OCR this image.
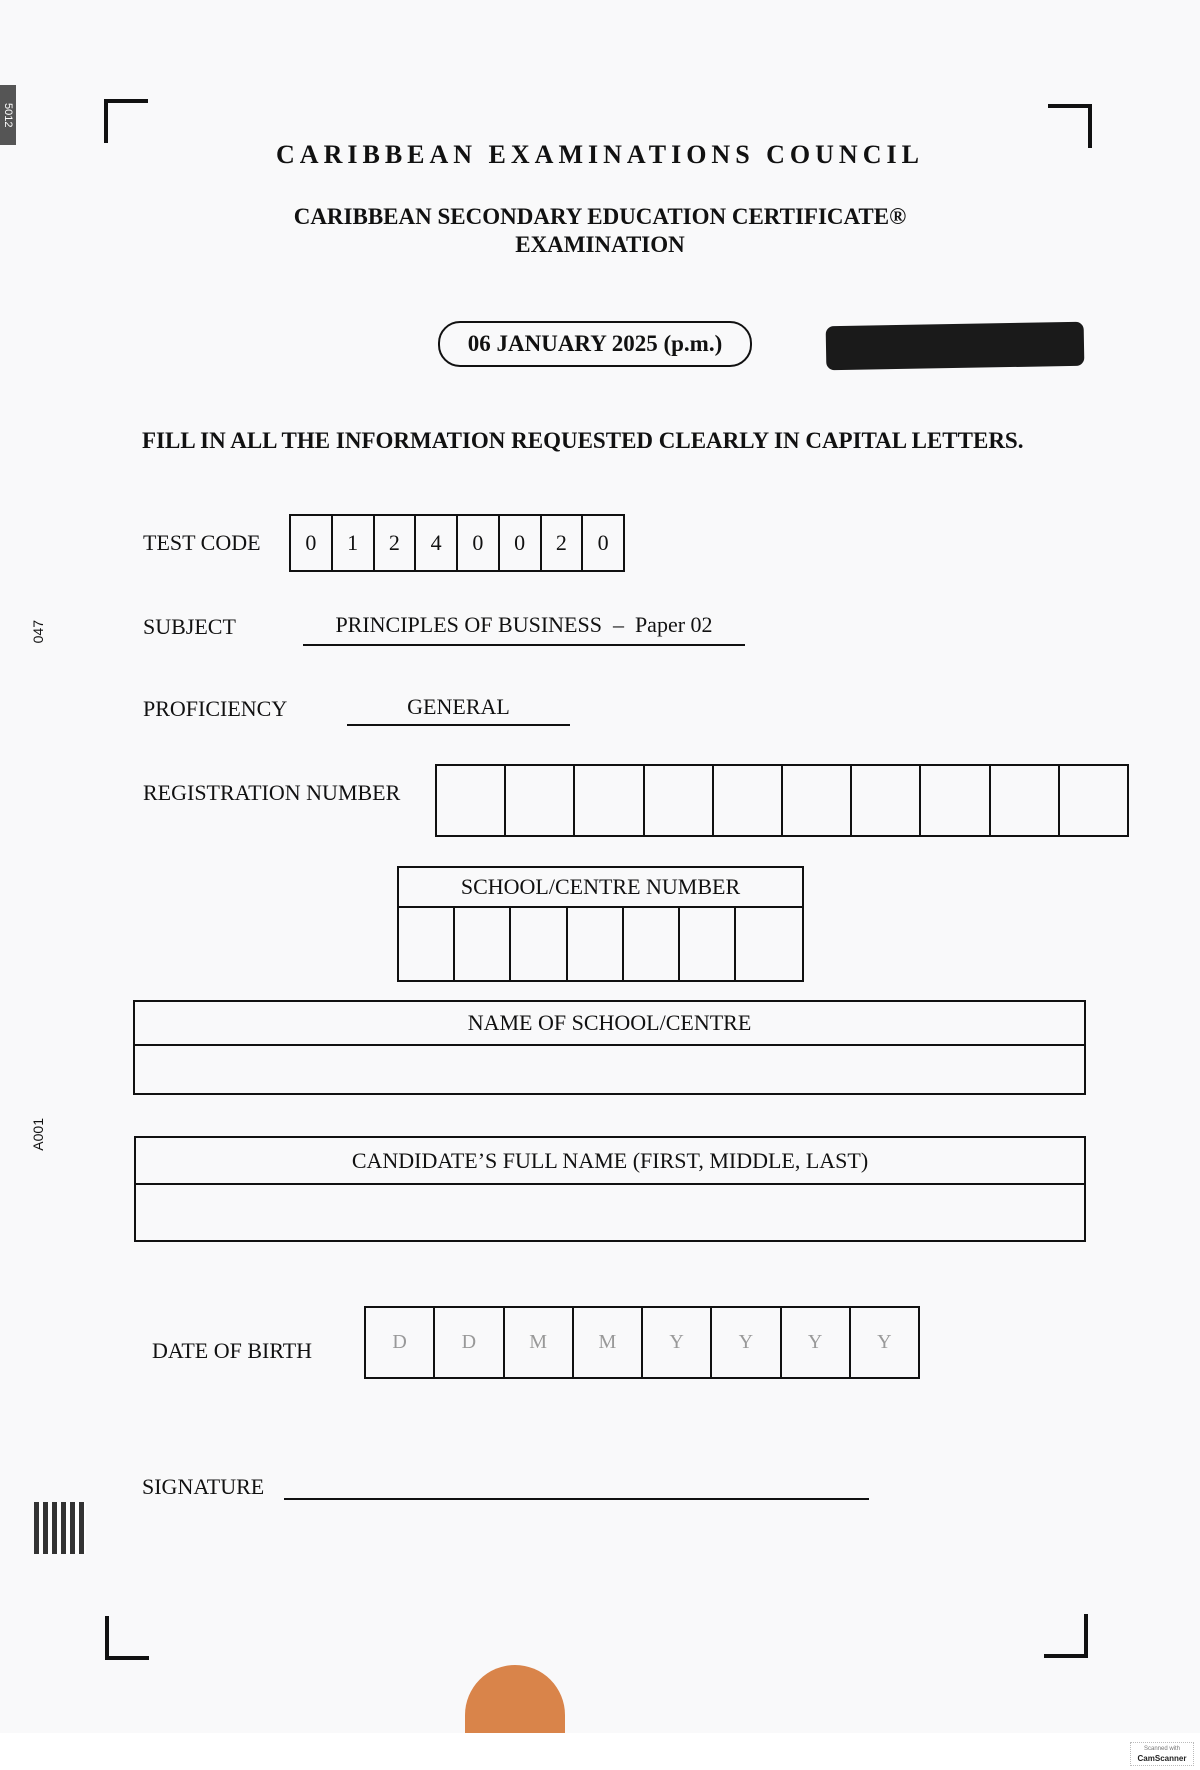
5012
047
A001
CARIBBEAN EXAMINATIONS COUNCIL
CARIBBEAN SECONDARY EDUCATION CERTIFICATE®
EXAMINATION
06 JANUARY 2025 (p.m.)
FILL IN ALL THE INFORMATION REQUESTED CLEARLY IN CAPITAL LETTERS.
TEST CODE	0	1	2	4	0	0	2	0
SUBJECT	PRINCIPLES OF BUSINESS  –  Paper 02
PROFICIENCY	GENERAL
REGISTRATION NUMBER
SCHOOL/CENTRE NUMBER
NAME OF SCHOOL/CENTRE
CANDIDATE’S FULL NAME (FIRST, MIDDLE, LAST)
DATE OF BIRTH	D	D	M	M	Y	Y	Y	Y
SIGNATURE
Scanned with
CamScanner
